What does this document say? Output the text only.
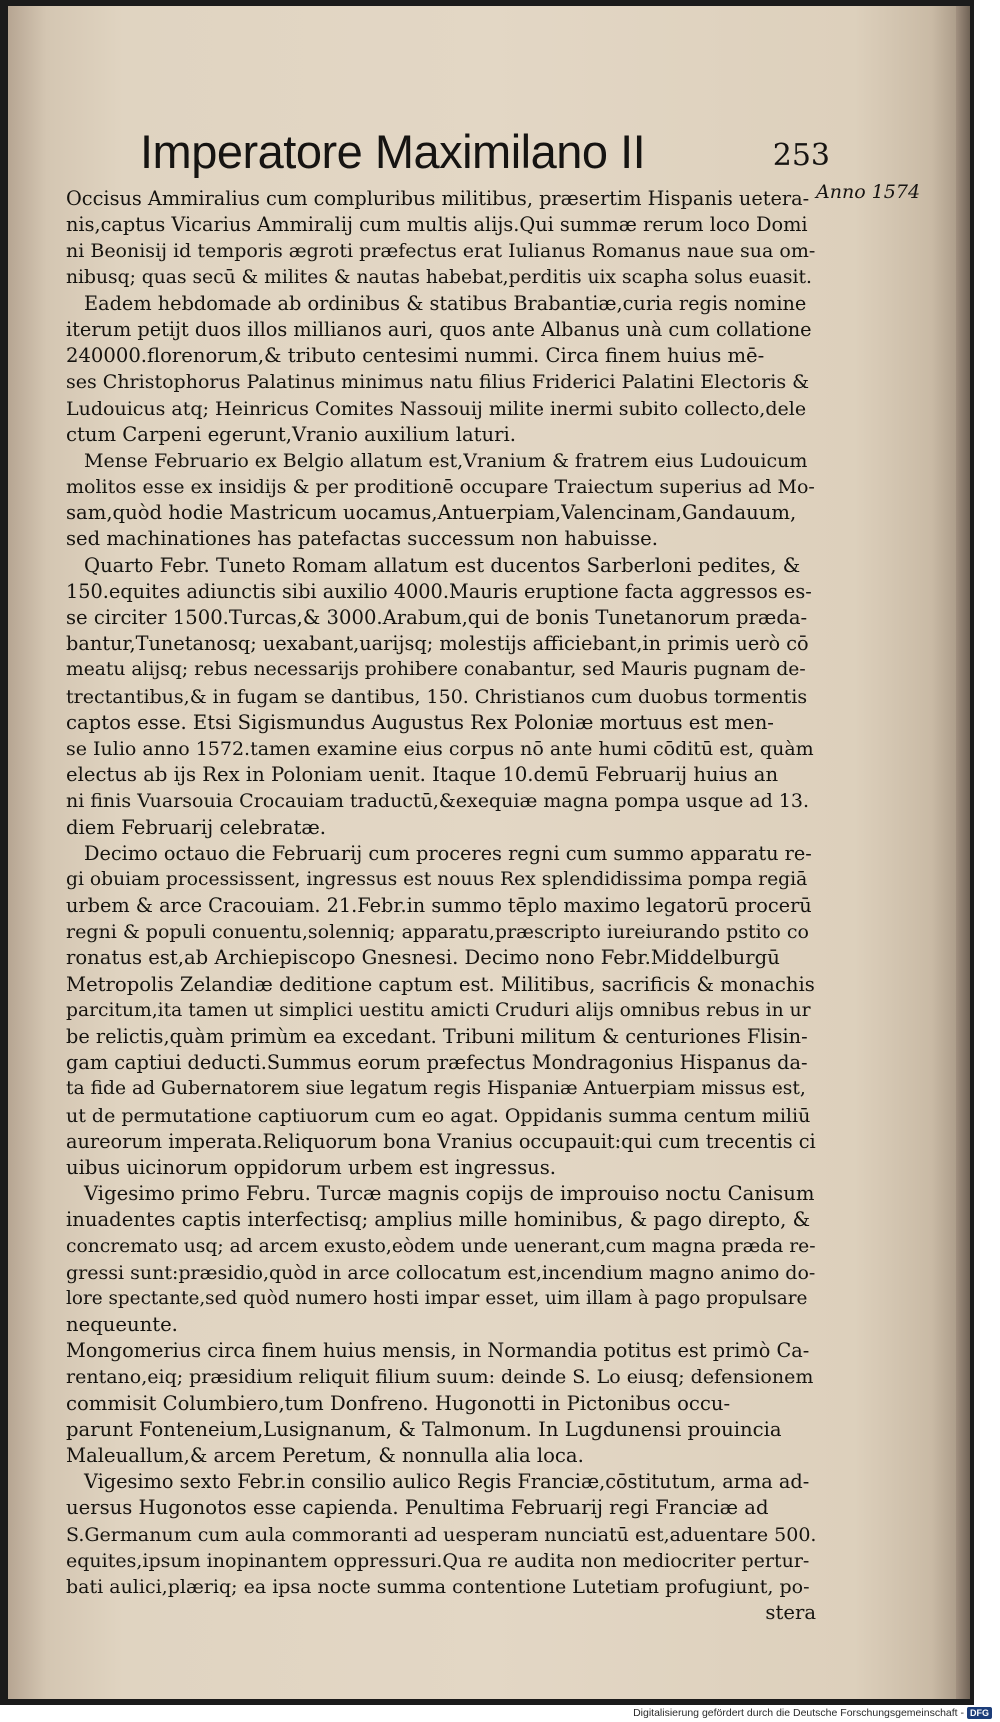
Imperatore Maximilano II	253
Anno 1574
Occisus Ammiralius cum compluribus militibus, præsertim Hispanis uetera-
nis,captus Vicarius Ammiralij cum multis alijs.Qui summæ rerum loco Domi
ni Beonisij id temporis ægroti præfectus erat Iulianus Romanus naue sua om-
nibusq; quas secū & milites & nautas habebat,perditis uix scapha solus euasit.
Eadem hebdomade ab ordinibus & statibus Brabantiæ,curia regis nomine
iterum petijt duos illos millianos auri, quos ante Albanus unà cum collatione
240000.florenorum,& tributo centesimi nummi. Circa finem huius mē-
ses Christophorus Palatinus minimus natu filius Friderici Palatini Electoris &
Ludouicus atq; Heinricus Comites Nassouij milite inermi subito collecto,dele
ctum Carpeni egerunt,Vranio auxilium laturi.
Mense Februario ex Belgio allatum est,Vranium & fratrem eius Ludouicum
molitos esse ex insidijs & per proditionē occupare Traiectum superius ad Mo-
sam,quòd hodie Mastricum uocamus,Antuerpiam,Valencinam,Gandauum,
sed machinationes has patefactas successum non habuisse.
Quarto Febr. Tuneto Romam allatum est ducentos Sarberloni pedites, &
150.equites adiunctis sibi auxilio 4000.Mauris eruptione facta aggressos es-
se circiter 1500.Turcas,& 3000.Arabum,qui de bonis Tunetanorum præda-
bantur,Tunetanosq; uexabant,uarijsq; molestijs afficiebant,in primis uerò cō
meatu alijsq; rebus necessarijs prohibere conabantur, sed Mauris pugnam de-
trectantibus,& in fugam se dantibus, 150. Christianos cum duobus tormentis
captos esse. Etsi Sigismundus Augustus Rex Poloniæ mortuus est men-
se Iulio anno 1572.tamen examine eius corpus nō ante humi cōditū est, quàm
electus ab ijs Rex in Poloniam uenit. Itaque 10.demū Februarij huius an
ni finis Vuarsouia Crocauiam traductū,&exequiæ magna pompa usque ad 13.
diem Februarij celebratæ.
Decimo octauo die Februarij cum proceres regni cum summo apparatu re-
gi obuiam processissent, ingressus est nouus Rex splendidissima pompa regiā
urbem & arce Cracouiam. 21.Febr.in summo tēplo maximo legatorū procerū
regni & populi conuentu,solenniq; apparatu,præscripto iureiurando pstito co
ronatus est,ab Archiepiscopo Gnesnesi. Decimo nono Febr.Middelburgū
Metropolis Zelandiæ deditione captum est. Militibus, sacrificis & monachis
parcitum,ita tamen ut simplici uestitu amicti Cruduri alijs omnibus rebus in ur
be relictis,quàm primùm ea excedant. Tribuni militum & centuriones Flisin-
gam captiui deducti.Summus eorum præfectus Mondragonius Hispanus da-
ta fide ad Gubernatorem siue legatum regis Hispaniæ Antuerpiam missus est,
ut de permutatione captiuorum cum eo agat. Oppidanis summa centum miliū
aureorum imperata.Reliquorum bona Vranius occupauit:qui cum trecentis ci
uibus uicinorum oppidorum urbem est ingressus.
Vigesimo primo Febru. Turcæ magnis copijs de improuiso noctu Canisum
inuadentes captis interfectisq; amplius mille hominibus, & pago direpto, &
concremato usq; ad arcem exusto,eòdem unde uenerant,cum magna præda re-
gressi sunt:præsidio,quòd in arce collocatum est,incendium magno animo do-
lore spectante,sed quòd numero hosti impar esset, uim illam à pago propulsare
nequeunte.
Mongomerius circa finem huius mensis, in Normandia potitus est primò Ca-
rentano,eiq; præsidium reliquit filium suum: deinde S. Lo eiusq; defensionem
commisit Columbiero,tum Donfreno. Hugonotti in Pictonibus occu-
parunt Fonteneium,Lusignanum, & Talmonum. In Lugdunensi prouincia
Maleuallum,& arcem Peretum, & nonnulla alia loca.
Vigesimo sexto Febr.in consilio aulico Regis Franciæ,cōstitutum, arma ad-
uersus Hugonotos esse capienda. Penultima Februarij regi Franciæ ad
S.Germanum cum aula commoranti ad uesperam nunciatū est,aduentare 500.
equites,ipsum inopinantem oppressuri.Qua re audita non mediocriter pertur-
bati aulici,plæriq; ea ipsa nocte summa contentione Lutetiam profugiunt, po-
stera
Digitalisierung gefördert durch die Deutsche Forschungsgemeinschaft - DFG
